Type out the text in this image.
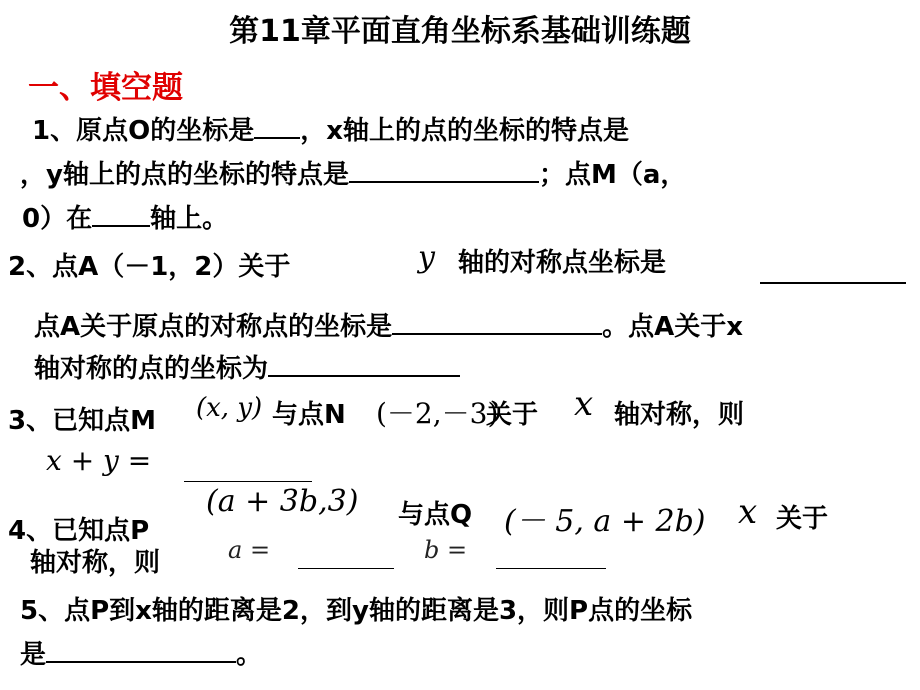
第11章平面直角坐标系基础训练题
一、填空题
1、原点O的坐标是 ，x轴上的点的坐标的特点是
，y轴上的点的坐标的特点是	；点M（a，
0）在 轴上。
2、点A（－1，2）关于	y 轴的对称点坐标是
点A关于原点的对称点的坐标是	。点A关于x
轴对称的点的坐标为
3、已知点M (x, y) 与点N (－2,－3)
关于 x 轴对称，则
x + y =
4、已知点P
(a + 3b,3) 与点Q (－ 5, a + 2b) x 关于
轴对称，则	a =	b =
5、点P到x轴的距离是2，到y轴的距离是3，则P点的坐标
是	。
